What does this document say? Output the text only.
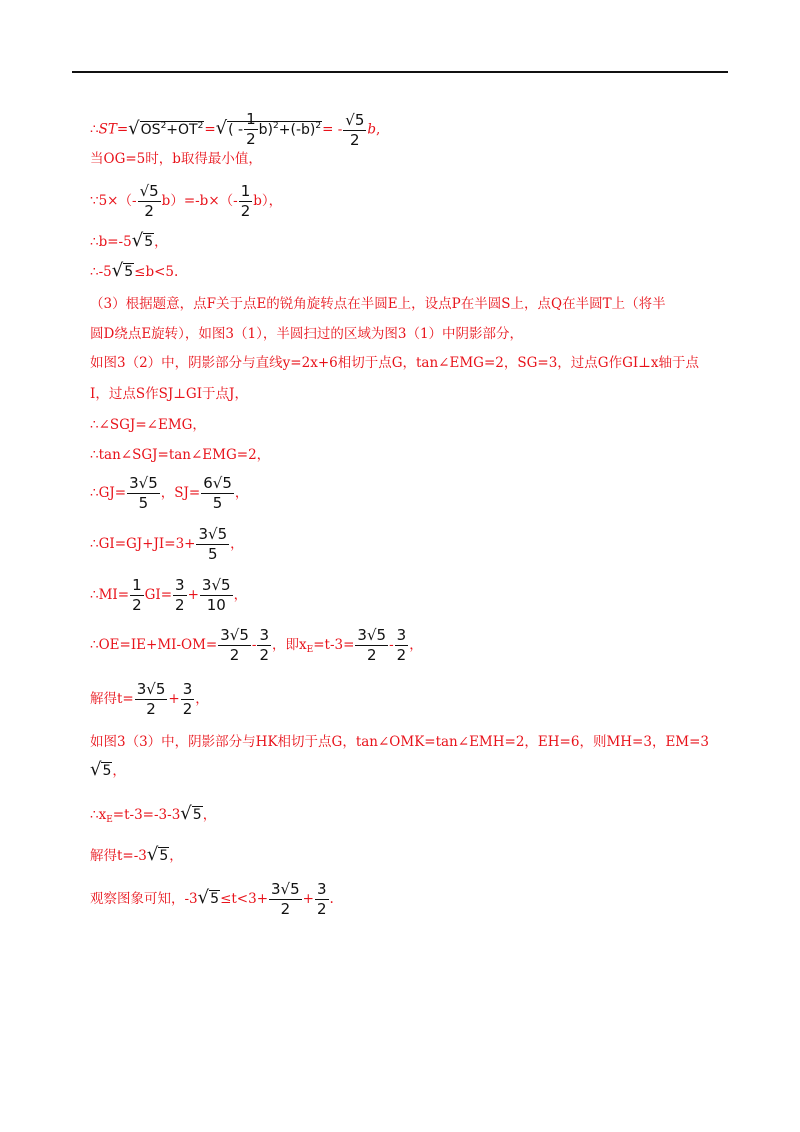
$\therefore ST=√OS^2+OT^2=√( - \frac{1}{2} b)^2+(-b)^2= - \frac{√5}{2} b$,
当OG=5时，b取得最小值，
∵5×（- $\frac{√5}{2} b)=-b\times(- \frac{1}{2} b)$，
∴b=-5√5，
∴-5√5≤b<5.
（3）根据题意，点F关于点E的锐角旋转点在半圆E上，设点P在半圆S上，点Q在半圆T上（将半
圆D绕点E旋转），如图3（1），半圆扫过的区域为图3（1）中阴影部分，
如图3（2）中，阴影部分与直线y=2x+6相切于点G，tan∠EMG=2，SG=3，过点G作GI⊥x轴于点
I，过点S作SJ⊥GI于点J，
∴∠SGJ=∠EMG，
∴tan∠SGJ=tan∠EMG=2，
∴GJ= $\frac{3√5}{5}$ ，$SJ= \frac{6√5}{5}$ ，
∴GI=GJ+JI=3+ $\frac{3√5}{5}$ ，
∴MI= $\frac{1}{2} GI= \frac{3}{2} + \frac{3√5}{10}$ ，
∴OE=IE+MI-OM= $\frac{3√5}{2} - \frac{3}{2}$ ，即$x_E=t-3= \frac{3√5}{2} - \frac{3}{2}$ ，
解得$t= \frac{3√5}{2} + \frac{3}{2}$ ，
如图3（3）中，阴影部分与HK相切于点G，tan∠OMK=tan∠EMH=2，EH=6，则MH=3，EM=3
√5，
$\therefore x_E=t-3=-3-3√5$，
解得t=-3√5，
观察图象可知，$-3√5\le t<3+ \frac{3√5}{2} + \frac{3}{2}$ .
